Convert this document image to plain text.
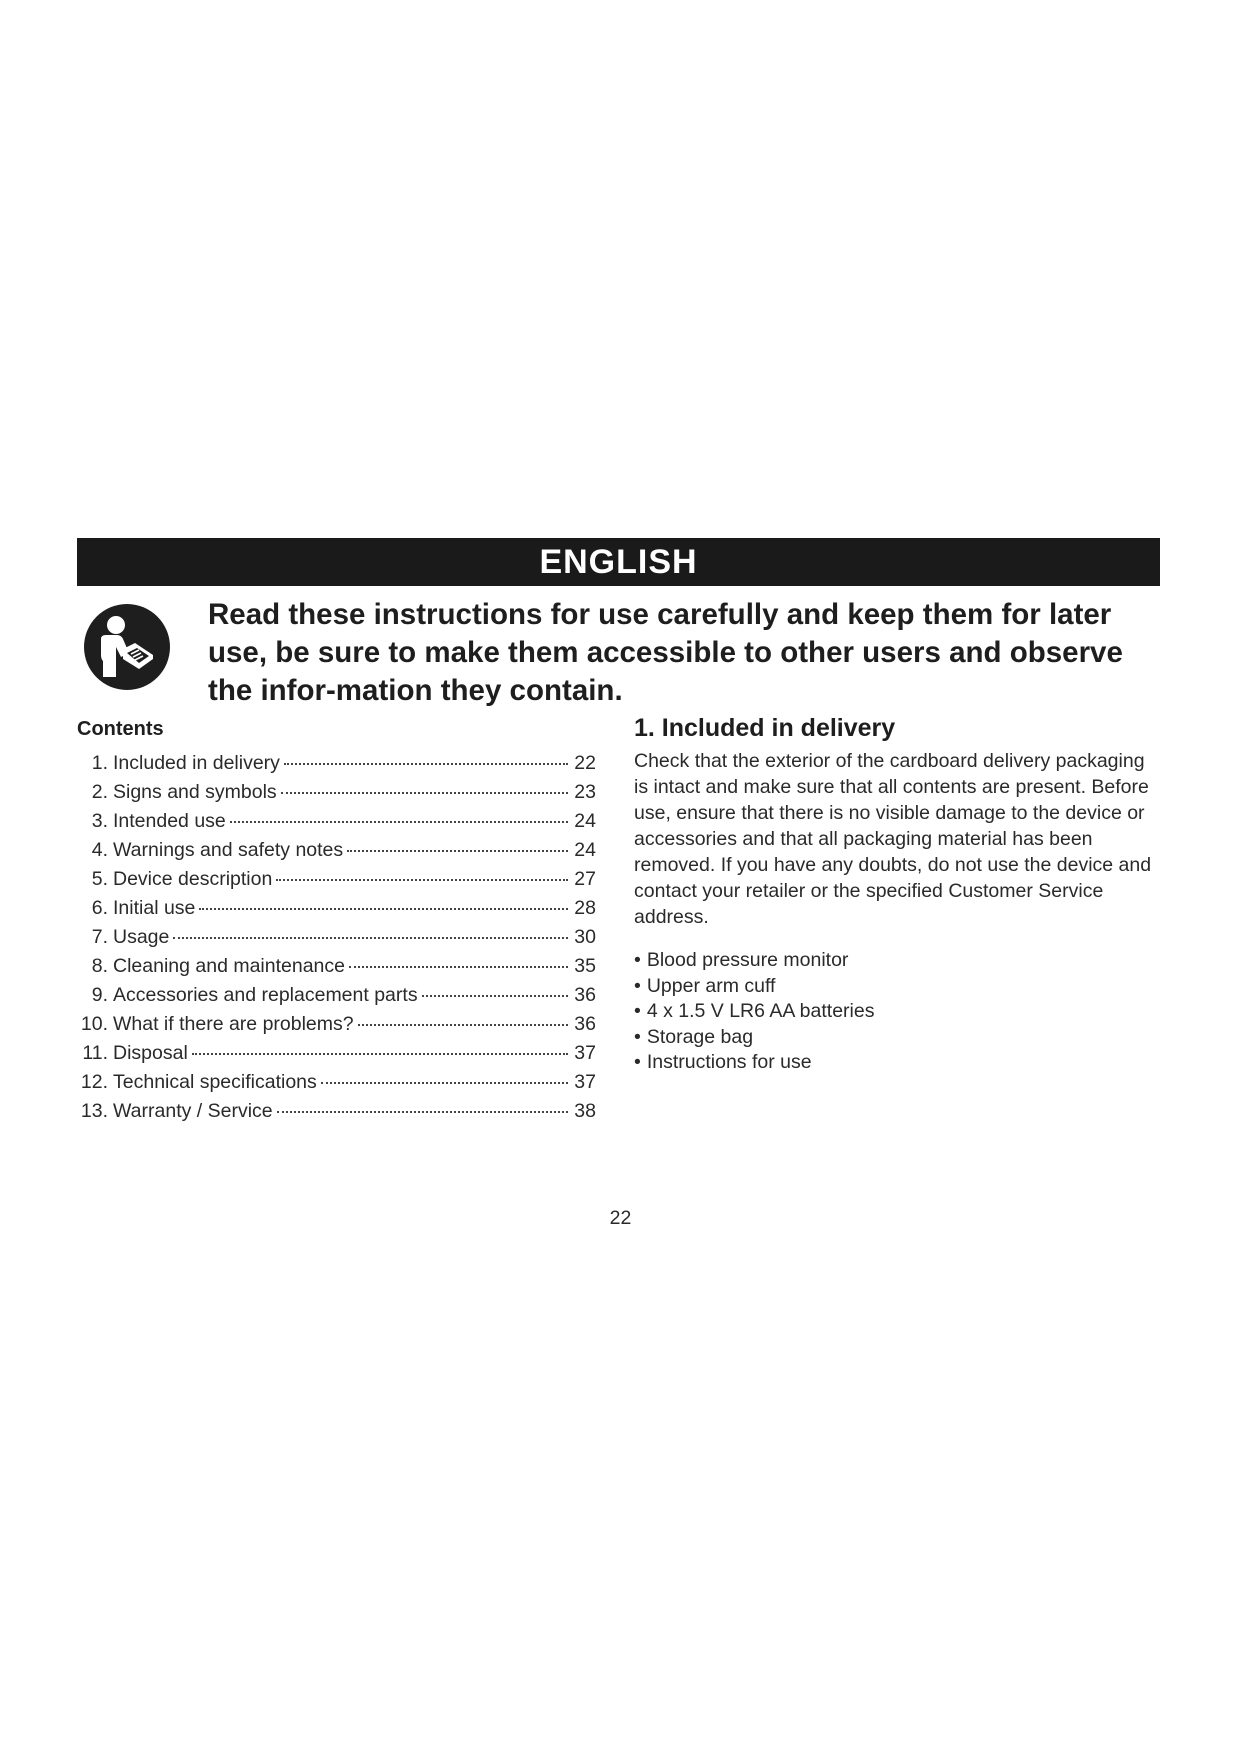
ENGLISH

Read these instructions for use carefully and keep them for later use, be sure to make them accessible to other users and observe the infor-mation they contain.

Contents
1. Included in delivery	22
2. Signs and symbols	23
3. Intended use	24
4. Warnings and safety notes	24
5. Device description	27
6. Initial use	28
7. Usage	30
8. Cleaning and maintenance	35
9. Accessories and replacement parts	36
10. What if there are problems?	36
11. Disposal	37
12. Technical specifications	37
13. Warranty / Service	38
1. Included in delivery

Check that the exterior of the cardboard delivery packaging is intact and make sure that all contents are present. Before use, ensure that there is no visible damage to the device or accessories and that all packaging material has been removed. If you have any doubts, do not use the device and contact your retailer or the specified Customer Service address.

• Blood pressure monitor
• Upper arm cuff
• 4 x 1.5 V LR6 AA batteries
• Storage bag
• Instructions for use
22
